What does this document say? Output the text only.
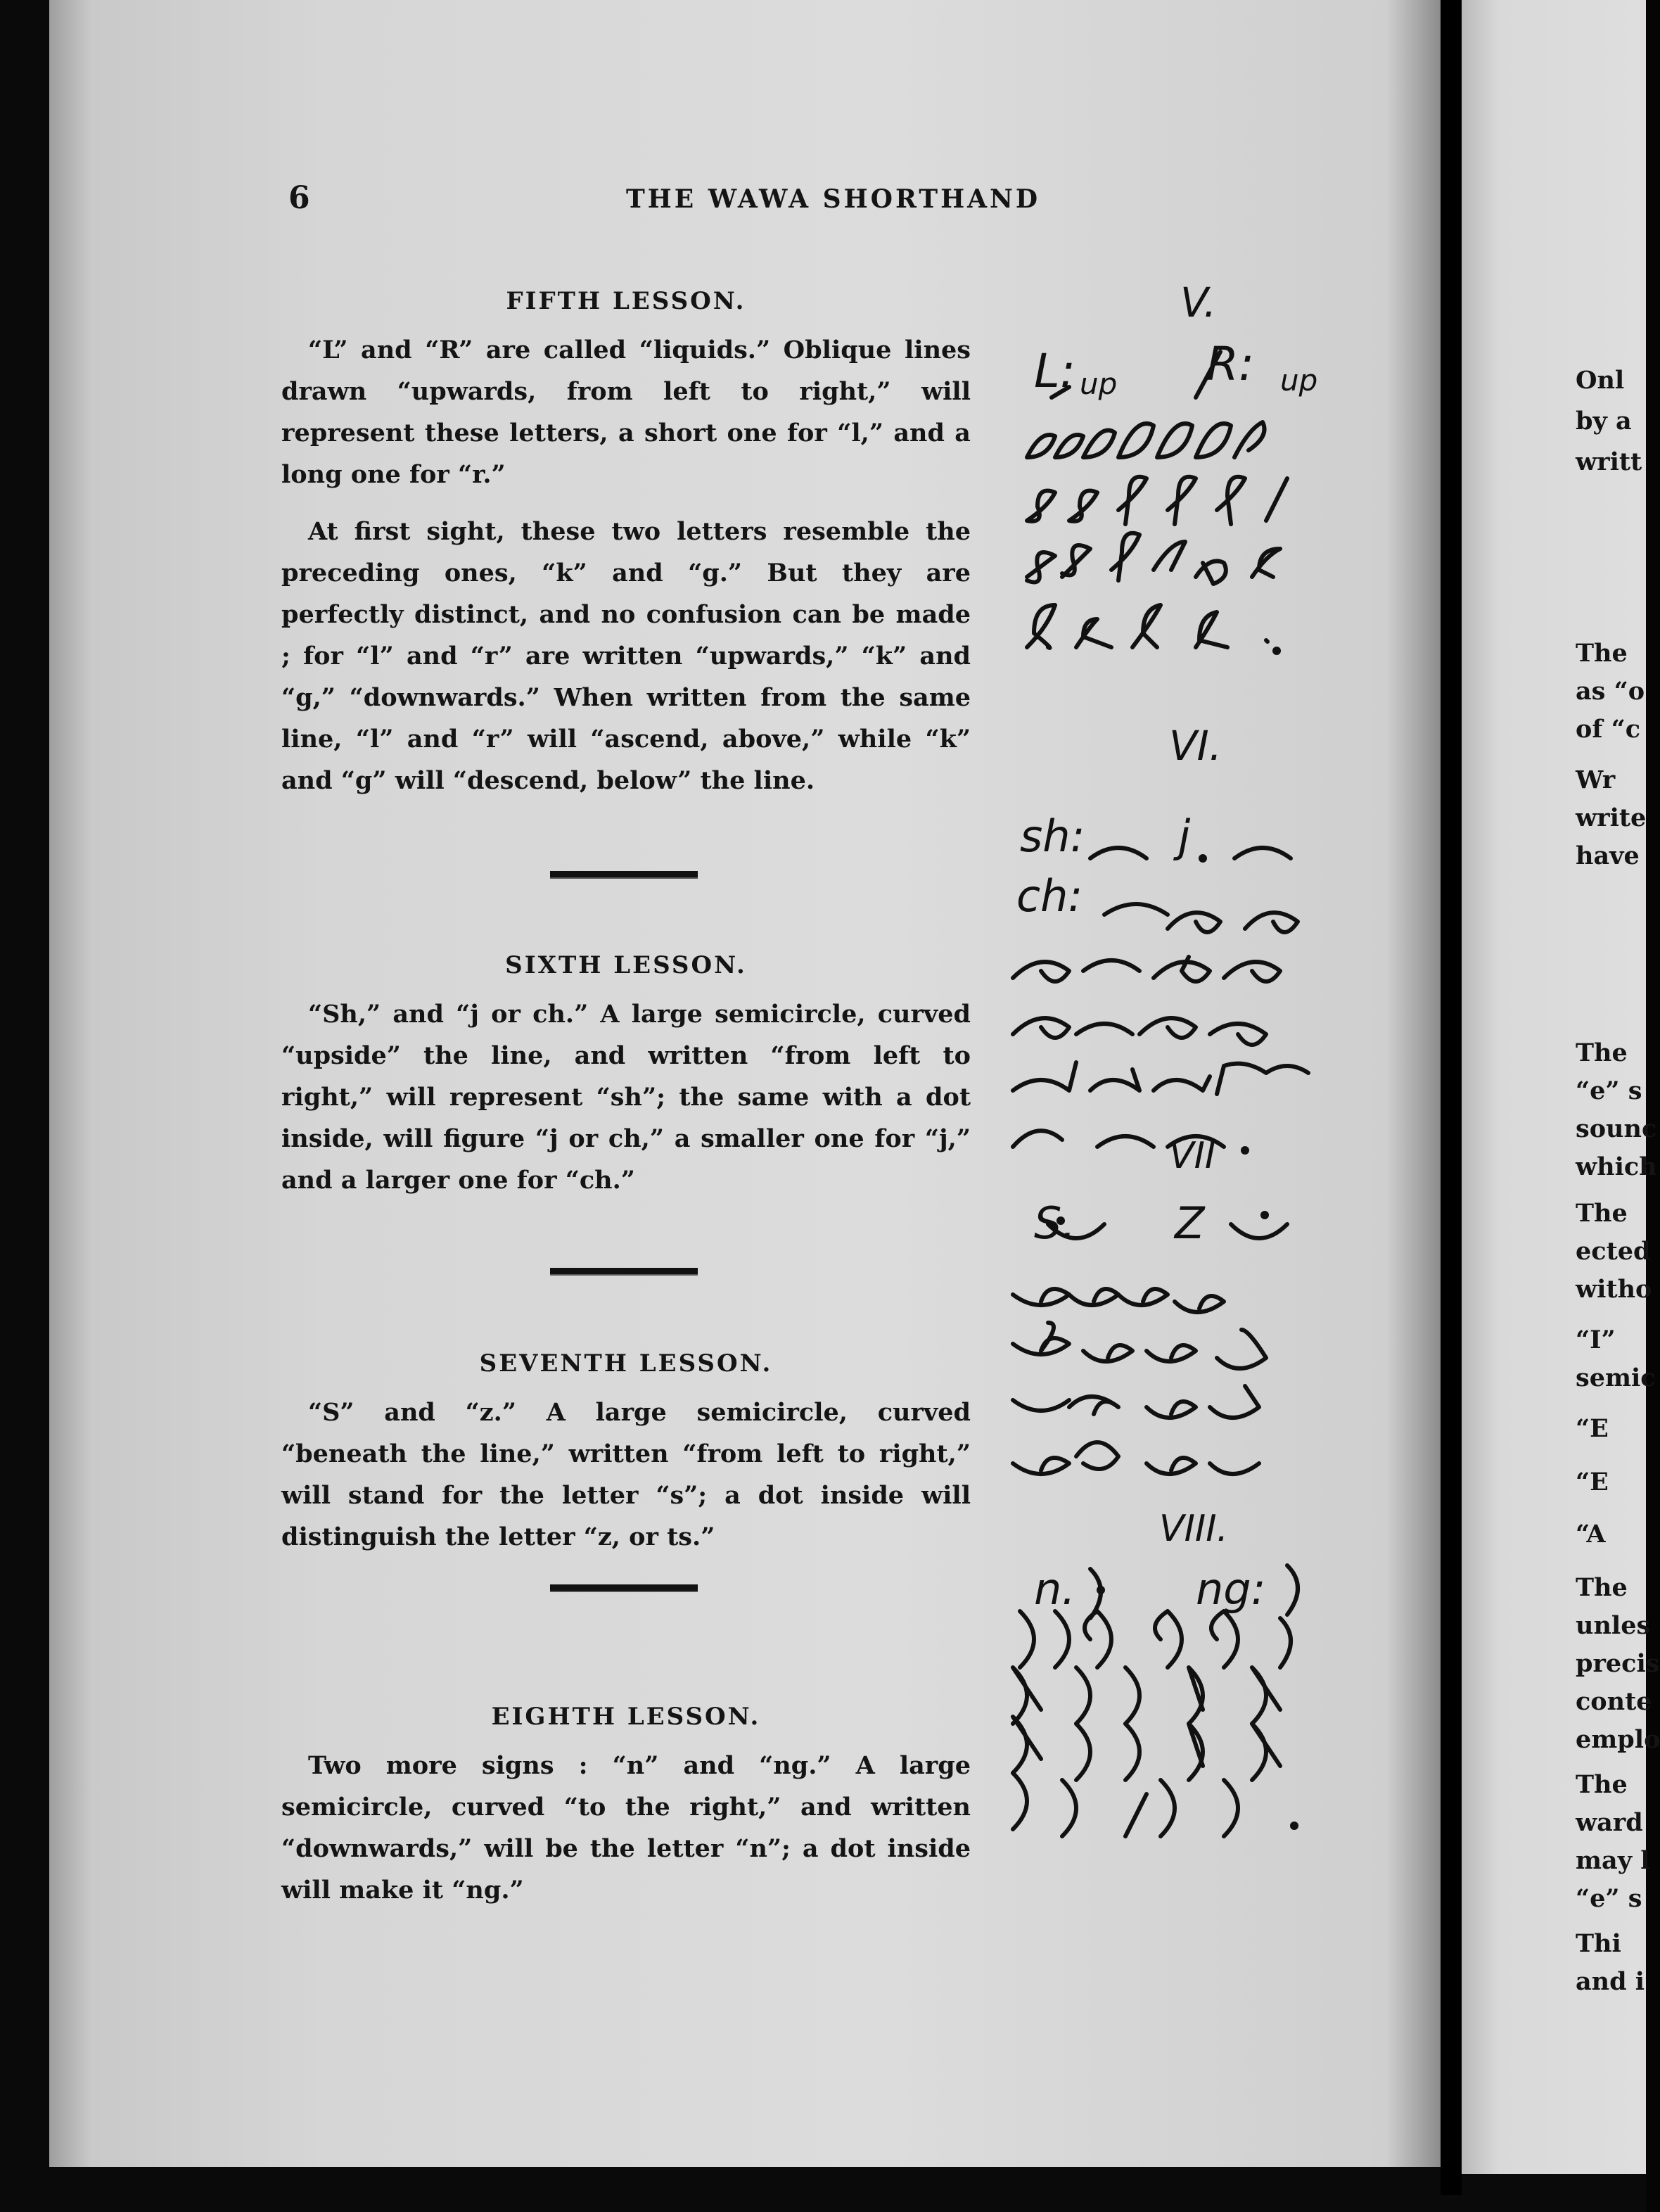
6	THE WAWA SHORTHAND
FIFTH LESSON.

“L” and “R” are called “liquids.” Oblique lines drawn “upwards, from left to right,” will represent these letters, a short one for “l,” and a long one for “r.”

At first sight, these two letters resemble the preceding ones, “k” and “g.” But they are perfectly distinct, and no confusion can be made ; for “l” and “r” are written “upwards,” “k” and “g,” “downwards.” When written from the same line, “l” and “r” will “ascend, above,” while “k” and “g” will “descend, below” the line.

SIXTH LESSON.

“Sh,” and “j or ch.” A large semicircle, curved “upside” the line, and written “from left to right,” will represent “sh”; the same with a dot inside, will figure “j or ch,” a smaller one for “j,” and a larger one for “ch.”

SEVENTH LESSON.

“S” and “z.” A large semicircle, curved “beneath the line,” written “from left to right,” will stand for the letter “s”; a dot inside will distinguish the letter “z, or ts.”

EIGHTH LESSON.

Two more signs : “n” and “ng.” A large semicircle, curved “to the right,” and written “downwards,” will be the letter “n”; a dot inside will make it “ng.”

V.
L: up R: up
VI.
sh: j
ch:
VII
S. Z
VIII.
n.	ng:
Onl
by a
writt
The
as “o
of “c
Wr
write
have
The
“e” s
sounc
which
The
ected
witho
“I”
semic
“E
“E
“A
The
unles
precis
conte
emplo
The
ward
may l
“e” s
Thi
and i
